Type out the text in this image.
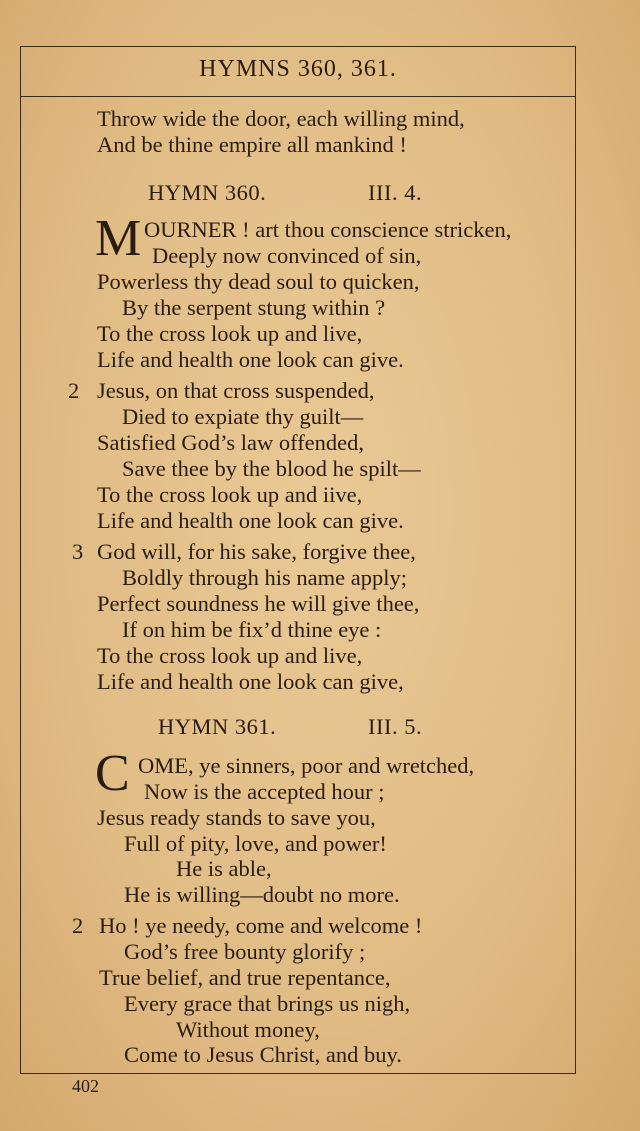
HYMNS 360, 361.
Throw wide the door, each willing mind,
And be thine empire all mankind !
HYMN 360.	III. 4.
M OURNER ! art thou conscience stricken,
Deeply now convinced of sin,
Powerless thy dead soul to quicken,
By the serpent stung within ?
To the cross look up and live,
Life and health one look can give.
2 Jesus, on that cross suspended,
Died to expiate thy guilt—
Satisfied God’s law offended,
Save thee by the blood he spilt—
To the cross look up and iive,
Life and health one look can give.
3 God will, for his sake, forgive thee,
Boldly through his name apply;
Perfect soundness he will give thee,
If on him be fix’d thine eye :
To the cross look up and live,
Life and health one look can give,
HYMN 361.	III. 5.
C OME, ye sinners, poor and wretched,
Now is the accepted hour ;
Jesus ready stands to save you,
Full of pity, love, and power!
He is able,
He is willing—doubt no more.
2 Ho ! ye needy, come and welcome !
God’s free bounty glorify ;
True belief, and true repentance,
Every grace that brings us nigh,
Without money,
Come to Jesus Christ, and buy.
402
